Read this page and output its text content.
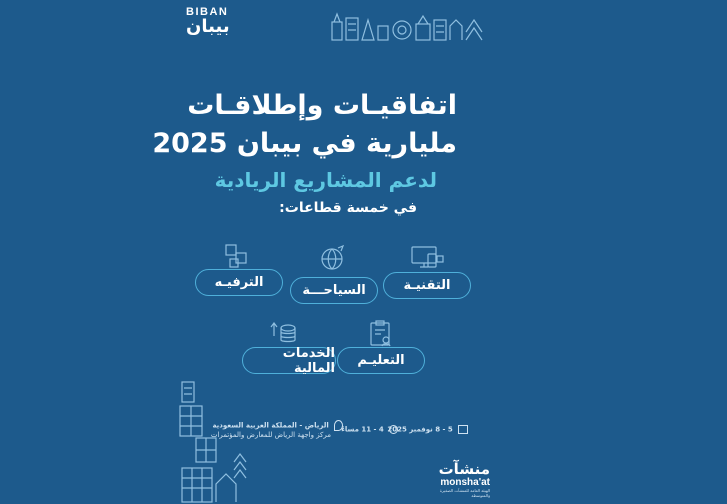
BIBAN
بيبان
اتفاقيـات وإطلاقـات
مليارية في بيبان 2025
لدعم المشاريع الريادية
في خمسة قطاعات:
الترفيـه
السياحـــة	التقنيـة
الخدمات المالية التعليـم
5 - 8 نوفمبر 2025
4 - 11 مساءً
الرياض - المملكة العربية السعودية
مركز واجهة الرياض للمعارض والمؤتمرات
منشآت
monsha'at
الهيئة العامة للمنشآت الصغيرة والمتوسطة
